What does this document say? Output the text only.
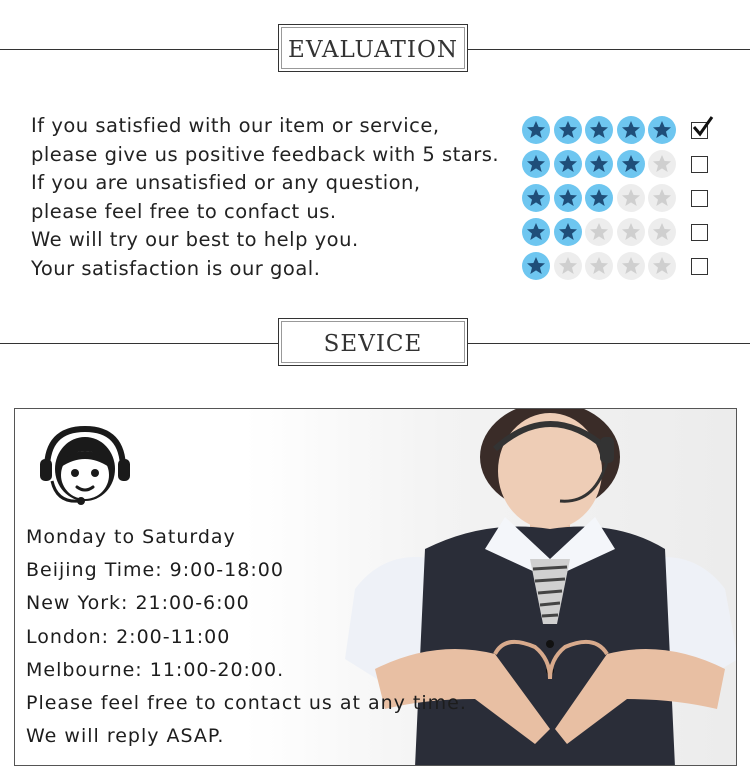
EVALUATION
If you satisfied with our item or service,
please give us positive feedback with 5 stars.
If you are unsatisfied or any question,
please feel free to confact us.
We will try our best to help you.
Your satisfaction is our goal.
SEVICE
Monday to Saturday
Beijing Time: 9:00-18:00
New York: 21:00-6:00
London: 2:00-11:00
Melbourne: 11:00-20:00.
Please feel free to contact us at any time.
We will reply ASAP.
